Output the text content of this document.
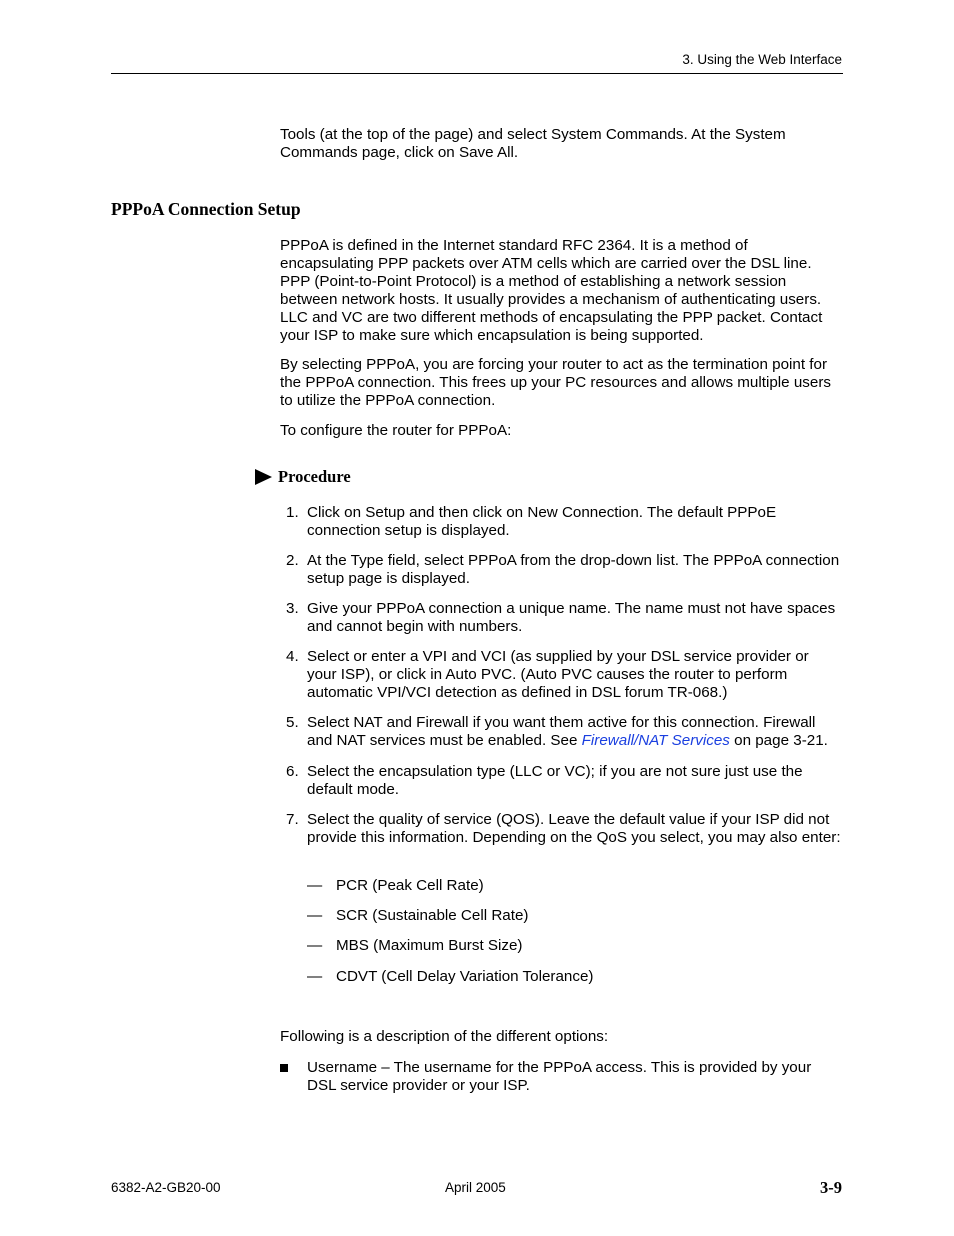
3. Using the Web Interface

Tools (at the top of the page) and select System Commands. At the System Commands page, click on Save All.

PPPoA Connection Setup

PPPoA is defined in the Internet standard RFC 2364. It is a method of encapsulating PPP packets over ATM cells which are carried over the DSL line. PPP (Point-to-Point Protocol) is a method of establishing a network session between network hosts. It usually provides a mechanism of authenticating users. LLC and VC are two different methods of encapsulating the PPP packet. Contact your ISP to make sure which encapsulation is being supported.

By selecting PPPoA, you are forcing your router to act as the termination point for the PPPoA connection. This frees up your PC resources and allows multiple users to utilize the PPPoA connection.

To configure the router for PPPoA:

Procedure
1. Click on Setup and then click on New Connection. The default PPPoE connection setup is displayed.
2. At the Type field, select PPPoA from the drop-down list. The PPPoA connection setup page is displayed.
3. Give your PPPoA connection a unique name. The name must not have spaces and cannot begin with numbers.
4. Select or enter a VPI and VCI (as supplied by your DSL service provider or your ISP), or click in Auto PVC. (Auto PVC causes the router to perform automatic VPI/VCI detection as defined in DSL forum TR-068.)
5. Select NAT and Firewall if you want them active for this connection. Firewall and NAT services must be enabled. See Firewall/NAT Services on page 3-21.
6. Select the encapsulation type (LLC or VC); if you are not sure just use the default mode.
7. Select the quality of service (QOS). Leave the default value if your ISP did not provide this information. Depending on the QoS you select, you may also enter:
— PCR (Peak Cell Rate)
— SCR (Sustainable Cell Rate)
— MBS (Maximum Burst Size)
— CDVT (Cell Delay Variation Tolerance)

Following is a description of the different options:

Username – The username for the PPPoA access. This is provided by your DSL service provider or your ISP.
6382-A2-GB20-00	April 2005	3-9
